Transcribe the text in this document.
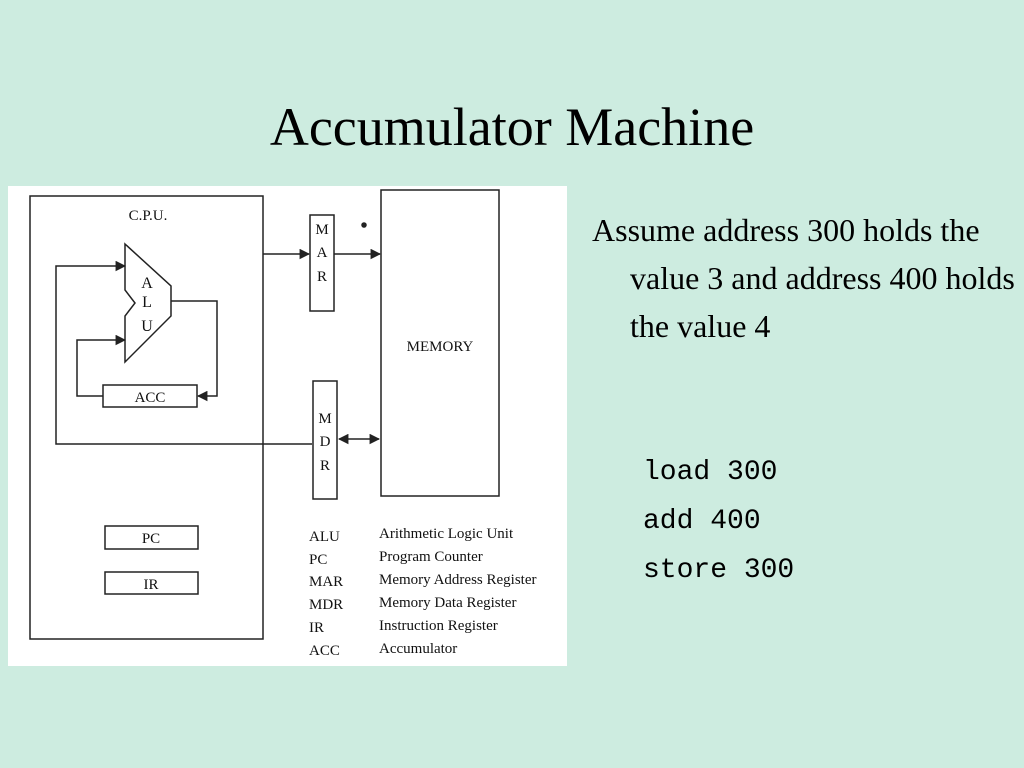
Accumulator Machine
C.P.U.
A
L
U
ACC
M
A
R
MEMORY
M
D
R
PC
IR
ALU	Arithmetic Logic Unit
PC	Program Counter
MAR Memory Address Register
MDR Memory Data Register
IR	Instruction Register
ACC	Accumulator

Assume address 300 holds the value 3 and address 400 holds the value 4

load 300
add 400
store 300
